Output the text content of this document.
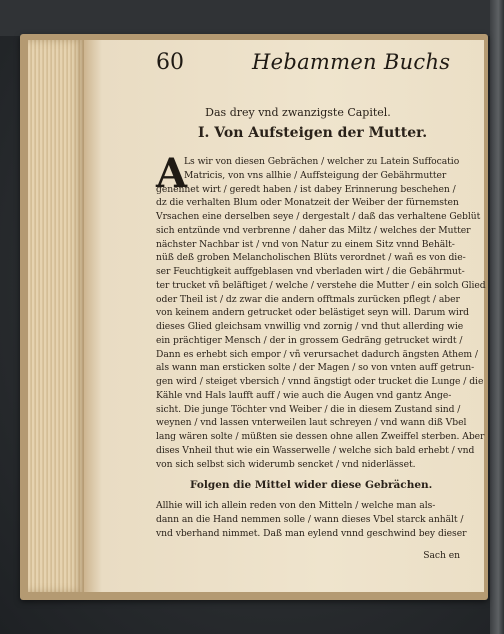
60	Hebammen Buchs
Das drey vnd zwanzigste Capitel.
I. Von Aufsteigen der Mutter.
A
Ls wir von diesen Gebrächen / welcher zu Latein Suffocatio
Matricis, von vns allhie / Auffsteigung der Gebährmutter
genennet wirt / geredt haben / ist dabey Erinnerung beschehen /
dz die verhalten Blum oder Monatzeit der Weiber der fürnemsten
Vrsachen eine derselben seye / dergestalt / daß das verhaltene Geblüt
sich entzünde vnd verbrenne / daher das Miltz / welches der Mutter
nächster Nachbar ist / vnd von Natur zu einem Sitz vnnd Behält-
nüß deß groben Melancholischen Blüts verordnet / wañ es von die-
ser Feuchtigkeit auffgeblasen vnd vberladen wirt / die Gebährmut-
ter trucket vñ beläftiget / welche / verstehe die Mutter / ein solch Glied
oder Theil ist / dz zwar die andern offtmals zurücken pflegt / aber
von keinem andern getrucket oder belästiget seyn will. Darum wird
dieses Glied gleichsam vnwillig vnd zornig / vnd thut allerding wie
ein prächtiger Mensch / der in grossem Gedräng getrucket wirdt /
Dann es erhebt sich empor / vñ verursachet dadurch ängsten Athem /
als wann man ersticken solte / der Magen / so von vnten auff getrun-
gen wird / steiget vbersich / vnnd ängstigt oder trucket die Lunge / die
Kähle vnd Hals laufft auff / wie auch die Augen vnd gantz Ange-
sicht. Die junge Töchter vnd Weiber / die in diesem Zustand sind /
weynen / vnd lassen vnterweilen laut schreyen / vnd wann diß Vbel
lang wären solte / müßten sie dessen ohne allen Zweiffel sterben. Aber
dises Vnheil thut wie ein Wasserwelle / welche sich bald erhebt / vnd
von sich selbst sich widerumb sencket / vnd niderlässet.
Folgen die Mittel wider diese Gebrächen.
Allhie will ich allein reden von den Mitteln / welche man als-
dann an die Hand nemmen solle / wann dieses Vbel starck anhält /
vnd vberhand nimmet. Daß man eylend vnnd geschwind bey dieser
Sach en
